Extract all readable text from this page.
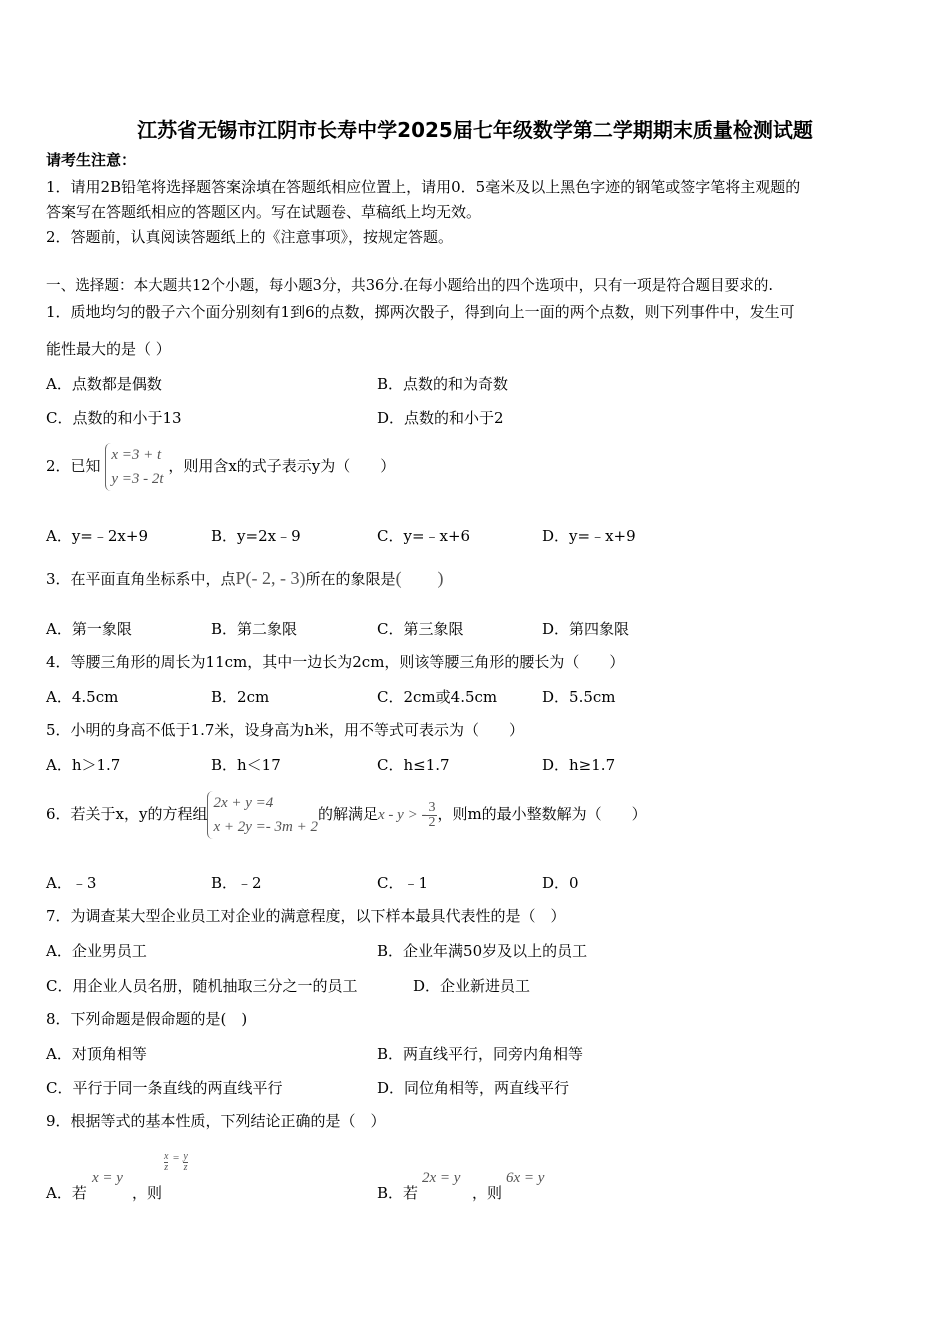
江苏省无锡市江阴市长寿中学2025届七年级数学第二学期期末质量检测试题
请考生注意：
1．请用2B铅笔将选择题答案涂填在答题纸相应位置上，请用0．5毫米及以上黑色字迹的钢笔或签字笔将主观题的
答案写在答题纸相应的答题区内。写在试题卷、草稿纸上均无效。
2．答题前，认真阅读答题纸上的《注意事项》，按规定答题。
一、选择题：本大题共12个小题，每小题3分，共36分.在每小题给出的四个选项中，只有一项是符合题目要求的.
1．质地均匀的骰子六个面分别刻有1到6的点数，掷两次骰子，得到向上一面的两个点数，则下列事件中，发生可
能性最大的是（ ）
A．点数都是偶数	B．点数的和为奇数
C．点数的和小于13	D．点数的和小于2
2．已知
x =3 + t
y =3 - 2t
，则用含x的式子表示y为（　　）
A．y=﹣2x+9	B．y=2x﹣9	C．y=﹣x+6	D．y=﹣x+9
3．在平面直角坐标系中，点P(- 2, - 3)所在的象限是(　　)
A．第一象限	B．第二象限	C．第三象限	D．第四象限
4．等腰三角形的周长为11cm，其中一边长为2cm，则该等腰三角形的腰长为（　　）
A．4.5cm	B．2cm	C．2cm或4.5cm	D．5.5cm
5．小明的身高不低于1.7米，设身高为h米，用不等式可表示为（　　）
A．h＞1.7	B．h＜17	C．h≤1.7	D．h≥1.7
6．若关于x，y的方程组
2x + y =4
x + 2y =- 3m + 2
的解满足x - y > - $\frac{3}{2}$ ，则m的最小整数解为（　　）
A．﹣3	B．﹣2	C．﹣1	D．0
7．为调查某大型企业员工对企业的满意程度，以下样本最具代表性的是（　）
A．企业男员工	B．企业年满50岁及以上的员工
C．用企业人员名册，随机抽取三分之一的员工	D．企业新进员工
8．下列命题是假命题的是(　)
A．对顶角相等	B．两直线平行，同旁内角相等
C．平行于同一条直线的两直线平行	D．同位角相等，两直线平行
9．根据等式的基本性质，下列结论正确的是（　）
A．若
x = y
，则
$\frac{x}{z} ^= \frac{y}{z}$
B．若
2x = y
，则
6x = y
